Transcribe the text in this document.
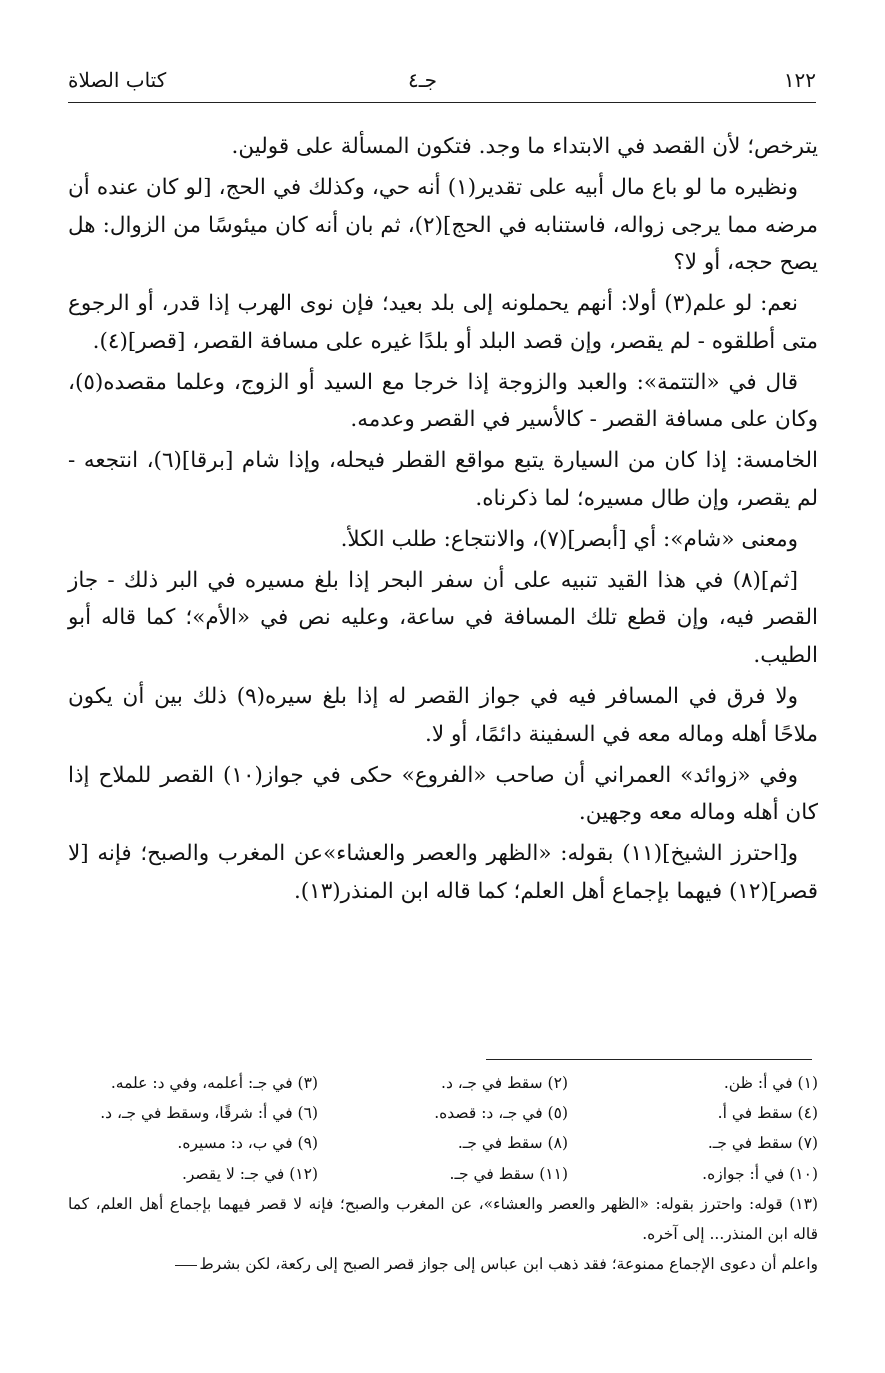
١٢٢
جـ٤
كتاب الصلاة

يترخص؛ لأن القصد في الابتداء ما وجد. فتكون المسألة على قولين.

ونظيره ما لو باع مال أبيه على تقدير(١) أنه حي، وكذلك في الحج، [لو كان عنده أن مرضه مما يرجى زواله، فاستنابه في الحج](٢)، ثم بان أنه كان ميئوسًا من الزوال: هل يصح حجه، أو لا؟

نعم: لو علم(٣) أولا: أنهم يحملونه إلى بلد بعيد؛ فإن نوى الهرب إذا قدر، أو الرجوع متى أطلقوه - لم يقصر، وإن قصد البلد أو بلدًا غيره على مسافة القصر، [قصر](٤).

قال في «التتمة»: والعبد والزوجة إذا خرجا مع السيد أو الزوج، وعلما مقصده(٥)، وكان على مسافة القصر - كالأسير في القصر وعدمه.

الخامسة: إذا كان من السيارة يتبع مواقع القطر فيحله، وإذا شام [برقا](٦)، انتجعه - لم يقصر، وإن طال مسيره؛ لما ذكرناه.

ومعنى «شام»: أي [أبصر](٧)، والانتجاع: طلب الكلأ.

[ثم](٨) في هذا القيد تنبيه على أن سفر البحر إذا بلغ مسيره في البر ذلك - جاز القصر فيه، وإن قطع تلك المسافة في ساعة، وعليه نص في «الأم»؛ كما قاله أبو الطيب.

ولا فرق في المسافر فيه في جواز القصر له إذا بلغ سيره(٩) ذلك بين أن يكون ملاحًا أهله وماله معه في السفينة دائمًا، أو لا.

وفي «زوائد» العمراني أن صاحب «الفروع» حكى في جواز(١٠) القصر للملاح إذا كان أهله وماله معه وجهين.

و[احترز الشيخ](١١) بقوله: «الظهر والعصر والعشاء»عن المغرب والصبح؛ فإنه [لا قصر](١٢) فيهما بإجماع أهل العلم؛ كما قاله ابن المنذر(١٣).

(١) في أ: ظن.
(٢) سقط في جـ، د.
(٣) في جـ: أعلمه، وفي د: علمه.
(٤) سقط في أ.
(٥) في جـ، د: قصده.
(٦) في أ: شرقًا، وسقط في جـ، د.
(٧) سقط في جـ.
(٨) سقط في جـ.
(٩) في ب، د: مسيره.
(١٠) في أ: جوازه.
(١١) سقط في جـ.
(١٢) في جـ: لا يقصر.
(١٣) قوله: واحترز بقوله: «الظهر والعصر والعشاء»، عن المغرب والصبح؛ فإنه لا قصر فيهما بإجماع أهل العلم، كما قاله ابن المنذر... إلى آخره.
واعلم أن دعوى الإجماع ممنوعة؛ فقد ذهب ابن عباس إلى جواز قصر الصبح إلى ركعة، لكن بشرط
